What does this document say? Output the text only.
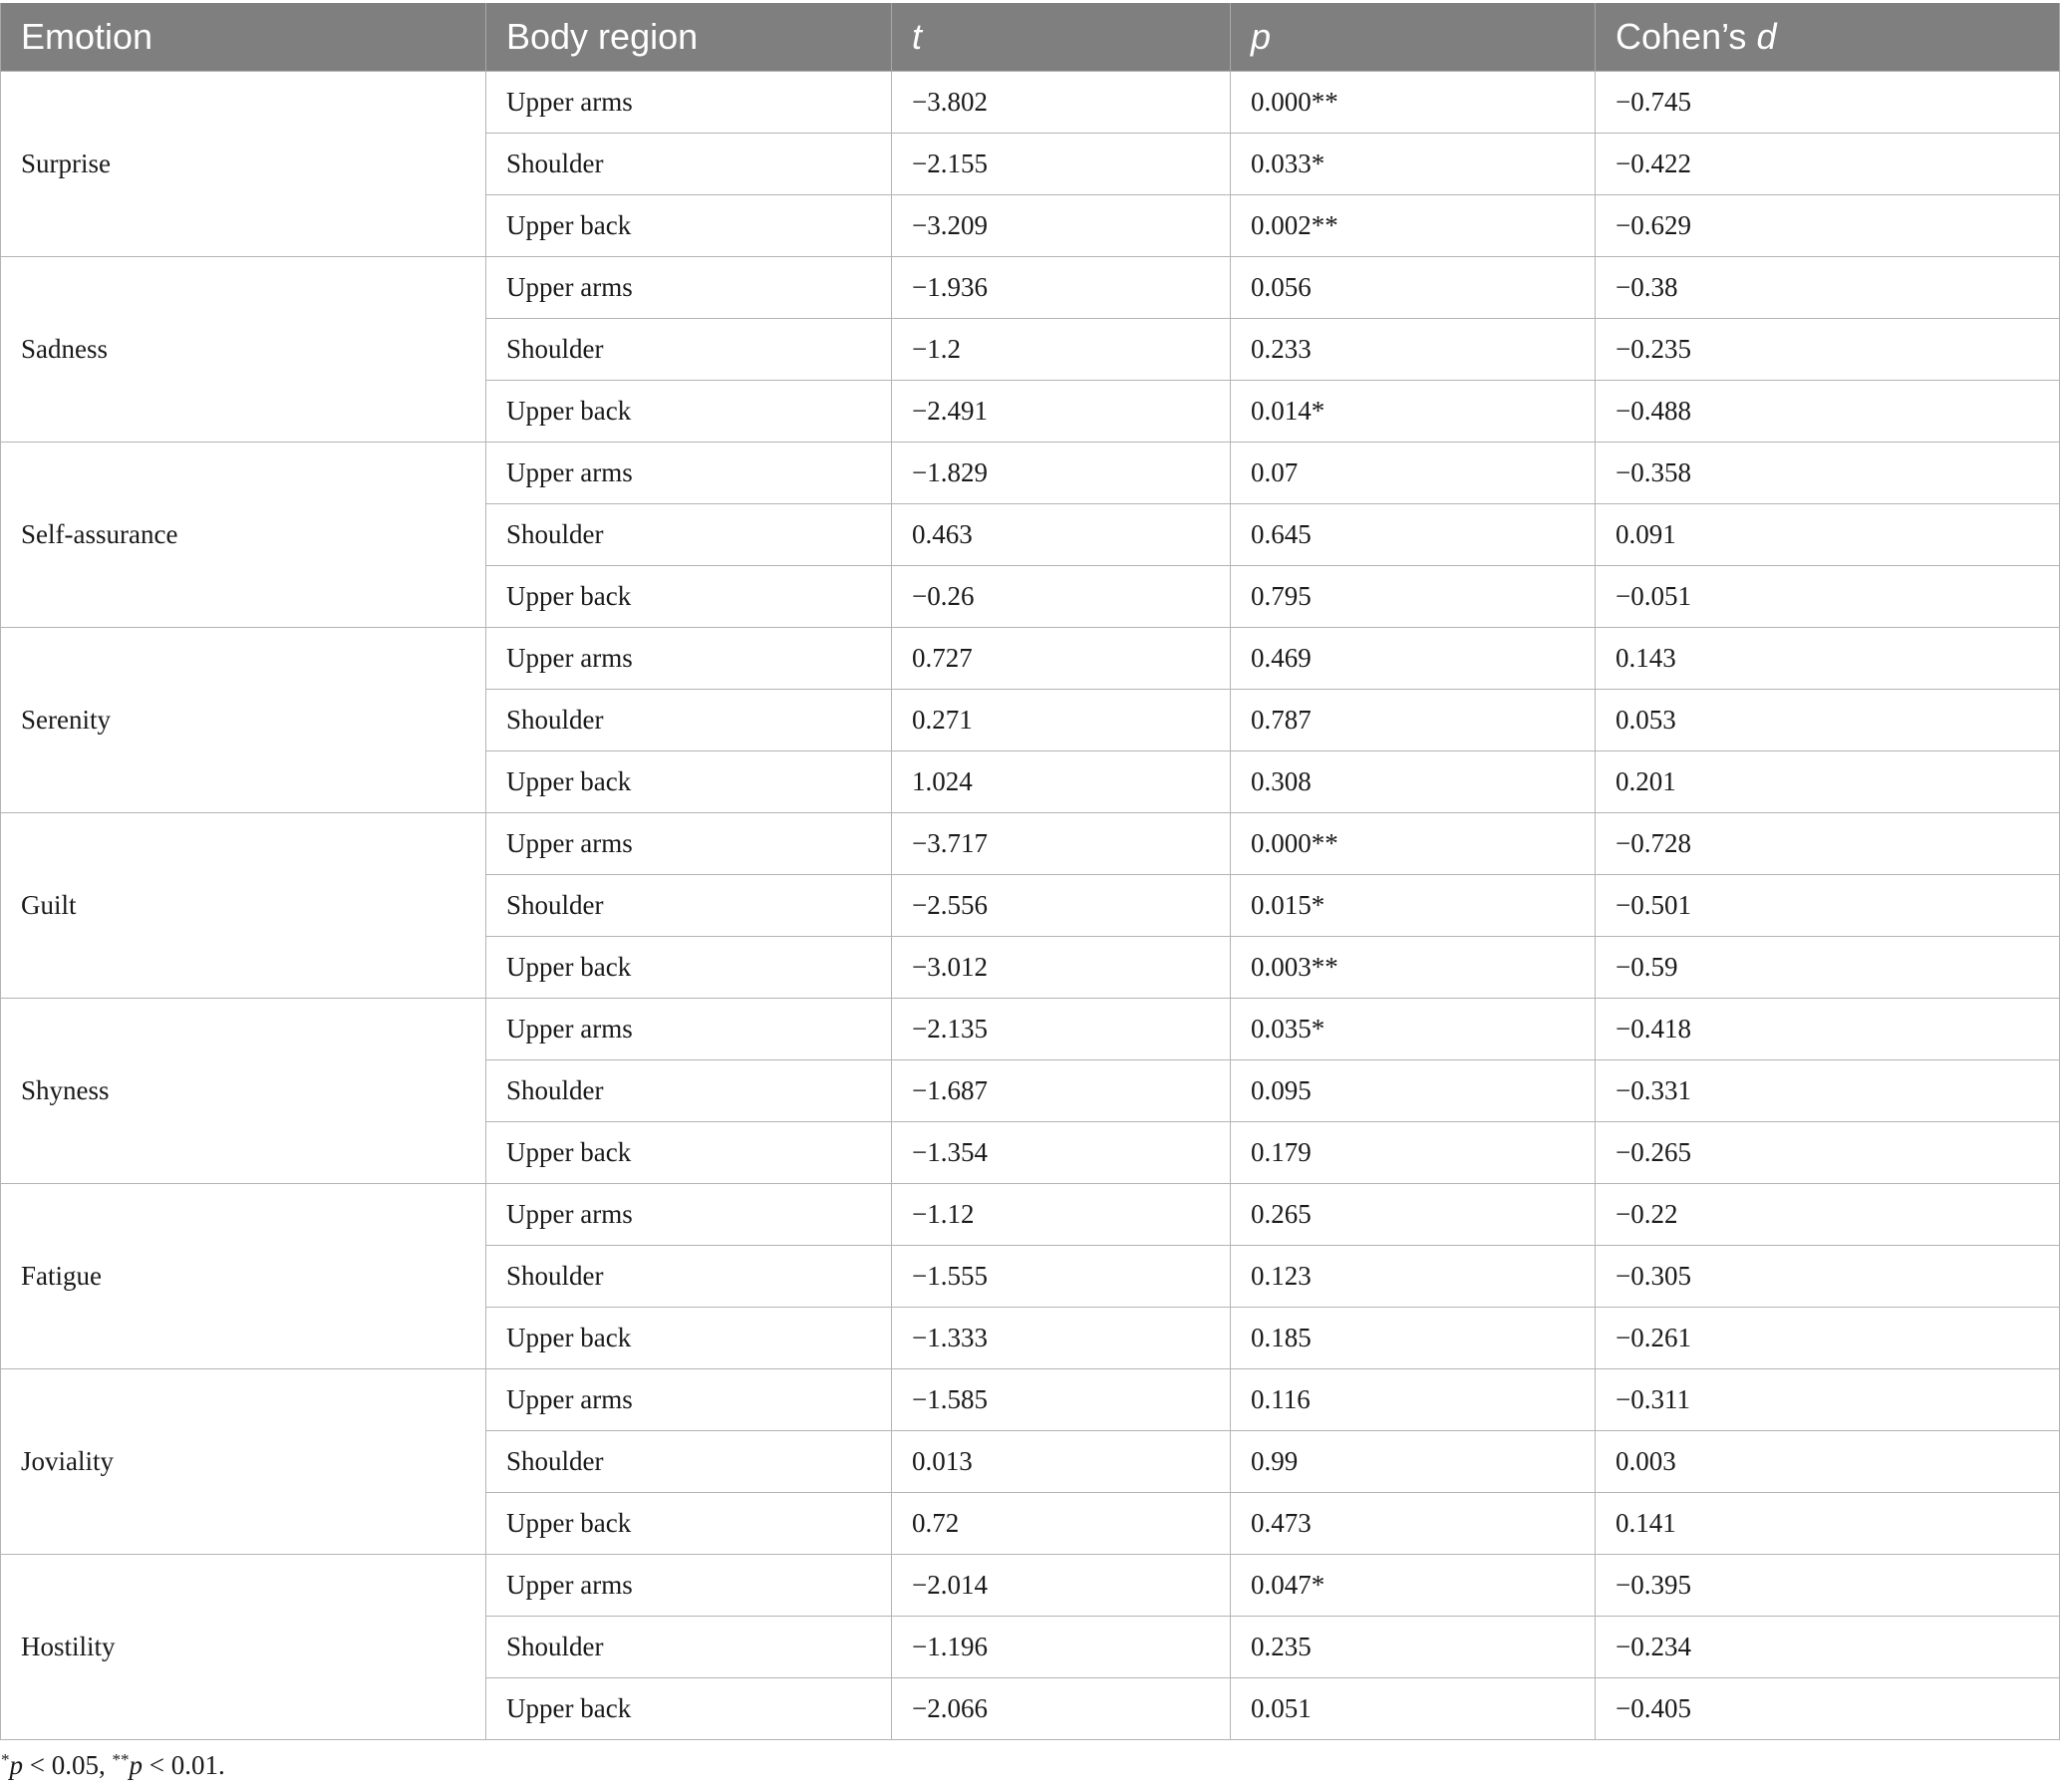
Emotion	Body region	t	p	Cohen’s d
Surprise	Upper arms	−3.802	0.000**	−0.745
	Shoulder	−2.155	0.033*	−0.422
	Upper back	−3.209	0.002**	−0.629
Sadness	Upper arms	−1.936	0.056	−0.38
	Shoulder	−1.2	0.233	−0.235
	Upper back	−2.491	0.014*	−0.488
Self-assurance	Upper arms	−1.829	0.07	−0.358
	Shoulder	0.463	0.645	0.091
	Upper back	−0.26	0.795	−0.051
Serenity	Upper arms	0.727	0.469	0.143
	Shoulder	0.271	0.787	0.053
	Upper back	1.024	0.308	0.201
Guilt	Upper arms	−3.717	0.000**	−0.728
	Shoulder	−2.556	0.015*	−0.501
	Upper back	−3.012	0.003**	−0.59
Shyness	Upper arms	−2.135	0.035*	−0.418
	Shoulder	−1.687	0.095	−0.331
	Upper back	−1.354	0.179	−0.265
Fatigue	Upper arms	−1.12	0.265	−0.22
	Shoulder	−1.555	0.123	−0.305
	Upper back	−1.333	0.185	−0.261
Joviality	Upper arms	−1.585	0.116	−0.311
	Shoulder	0.013	0.99	0.003
	Upper back	0.72	0.473	0.141
Hostility	Upper arms	−2.014	0.047*	−0.395
	Shoulder	−1.196	0.235	−0.234
	Upper back	−2.066	0.051	−0.405
*p < 0.05, **p < 0.01.
